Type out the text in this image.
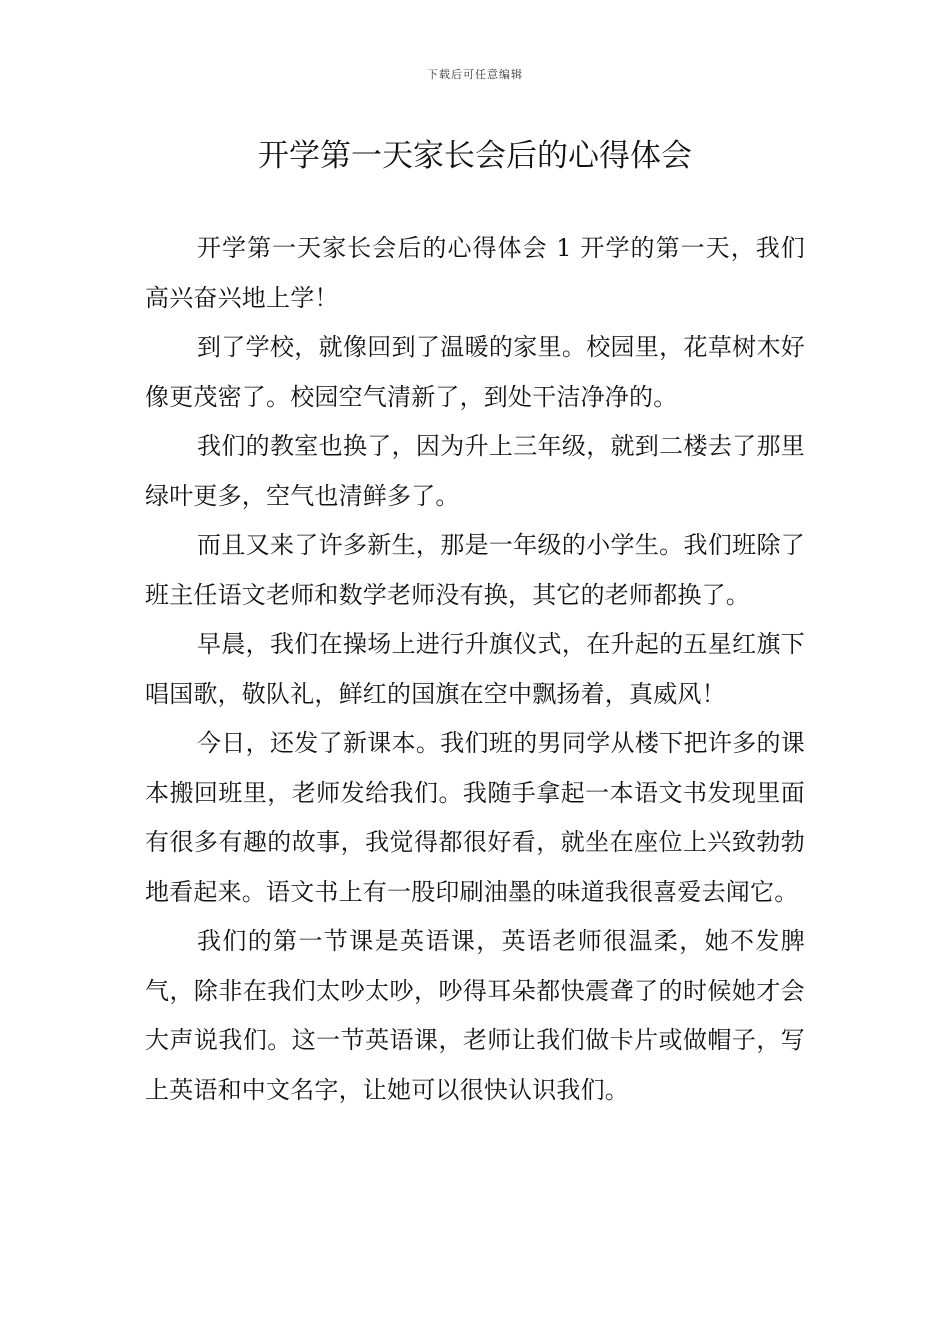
下载后可任意编辑
开学第一天家长会后的心得体会

开学第一天家长会后的心得体会 1 开学的第一天，我们高兴奋兴地上学！

到了学校，就像回到了温暖的家里。校园里，花草树木好像更茂密了。校园空气清新了，到处干洁净净的。

我们的教室也换了，因为升上三年级，就到二楼去了那里绿叶更多，空气也清鲜多了。

而且又来了许多新生，那是一年级的小学生。我们班除了班主任语文老师和数学老师没有换，其它的老师都换了。

早晨，我们在操场上进行升旗仪式，在升起的五星红旗下唱国歌，敬队礼，鲜红的国旗在空中飘扬着，真威风！

今日，还发了新课本。我们班的男同学从楼下把许多的课本搬回班里，老师发给我们。我随手拿起一本语文书发现里面有很多有趣的故事，我觉得都很好看，就坐在座位上兴致勃勃地看起来。语文书上有一股印刷油墨的味道我很喜爱去闻它。

我们的第一节课是英语课，英语老师很温柔，她不发脾气，除非在我们太吵太吵，吵得耳朵都快震聋了的时候她才会大声说我们。这一节英语课，老师让我们做卡片或做帽子，写上英语和中文名字，让她可以很快认识我们。
